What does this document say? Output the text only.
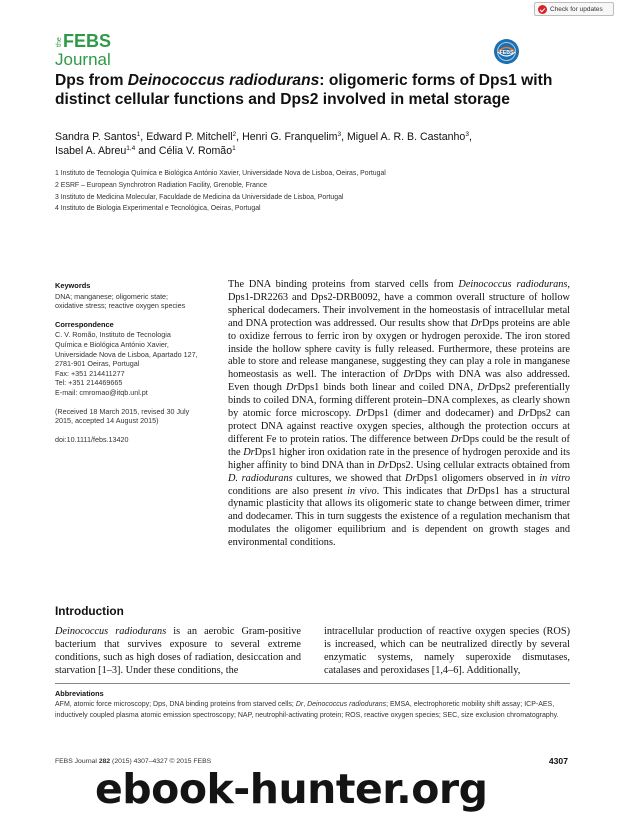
Check for updates
the FEBS
Journal	FEBS
Dps from Deinococcus radiodurans: oligomeric forms of Dps1 with distinct cellular functions and Dps2 involved in metal storage
Sandra P. Santos$^1$, Edward P. Mitchell$^2$, Henri G. Franquelim$^3$, Miguel A. R. B. Castanho$^3$,
Isabel A. Abreu$^{1,4}$ and Célia V. Romão$^1$
1 Instituto de Tecnologia Química e Biológica António Xavier, Universidade Nova de Lisboa, Oeiras, Portugal
2 ESRF – European Synchrotron Radiation Facility, Grenoble, France
3 Instituto de Medicina Molecular, Faculdade de Medicina da Universidade de Lisboa, Portugal
4 Instituto de Biologia Experimental e Tecnológica, Oeiras, Portugal
Keywords
DNA; manganese; oligomeric state;
oxidative stress; reactive oxygen species
Correspondence
C. V. Romão, Instituto de Tecnologia
Química e Biológica António Xavier,
Universidade Nova de Lisboa, Apartado 127,
2781-901 Oeiras, Portugal
Fax: +351 214411277
Tel: +351 214469665
E-mail: cmromao@itqb.unl.pt
(Received 18 March 2015, revised 30 July
2015, accepted 14 August 2015)
doi:10.1111/febs.13420

The DNA binding proteins from starved cells from Deinococcus radiodurans, Dps1-DR2263 and Dps2-DRB0092, have a common overall structure of hollow spherical dodecamers. Their involvement in the homeostasis of intracellular metal and DNA protection was addressed. Our results show that DrDps proteins are able to oxidize ferrous to ferric iron by oxygen or hydrogen peroxide. The iron stored inside the hollow sphere cavity is fully released. Furthermore, these proteins are able to store and release manganese, suggesting they can play a role in manganese homeostasis as well. The interaction of DrDps with DNA was also addressed. Even though DrDps1 binds both linear and coiled DNA, DrDps2 preferentially binds to coiled DNA, forming different protein–DNA complexes, as clearly shown by atomic force microscopy. DrDps1 (dimer and dodecamer) and DrDps2 can protect DNA against reactive oxygen species, although the protection occurs at different Fe to protein ratios. The difference between DrDps could be the result of the DrDps1 higher iron oxidation rate in the presence of hydrogen peroxide and its higher affinity to bind DNA than in DrDps2. Using cellular extracts obtained from D. radiodurans cultures, we showed that DrDps1 oligomers observed in in vitro conditions are also present in vivo. This indicates that DrDps1 has a structural dynamic plasticity that allows its oligomeric state to change between dimer, trimer and dodecamer. This in turn suggests the existence of a regulation mechanism that modulates the oligomer equilibrium and is dependent on growth stages and environmental conditions.

Introduction

Deinococcus radiodurans is an aerobic Gram-positive bacterium that survives exposure to several extreme conditions, such as high doses of radiation, desiccation and starvation [1–3]. Under these conditions, the

intracellular production of reactive oxygen species (ROS) is increased, which can be neutralized directly by several enzymatic systems, namely superoxide dismutases, catalases and peroxidases [1,4–6]. Additionally,

Abbreviations
AFM, atomic force microscopy; Dps, DNA binding proteins from starved cells; Dr, Deinococcus radiodurans; EMSA, electrophoretic mobility shift assay; ICP-AES, inductively coupled plasma atomic emission spectroscopy; NAP, neutrophil-activating protein; ROS, reactive oxygen species; SEC, size exclusion chromatography.
FEBS Journal 282 (2015) 4307–4327 © 2015 FEBS	4307
ebook-hunter.org
